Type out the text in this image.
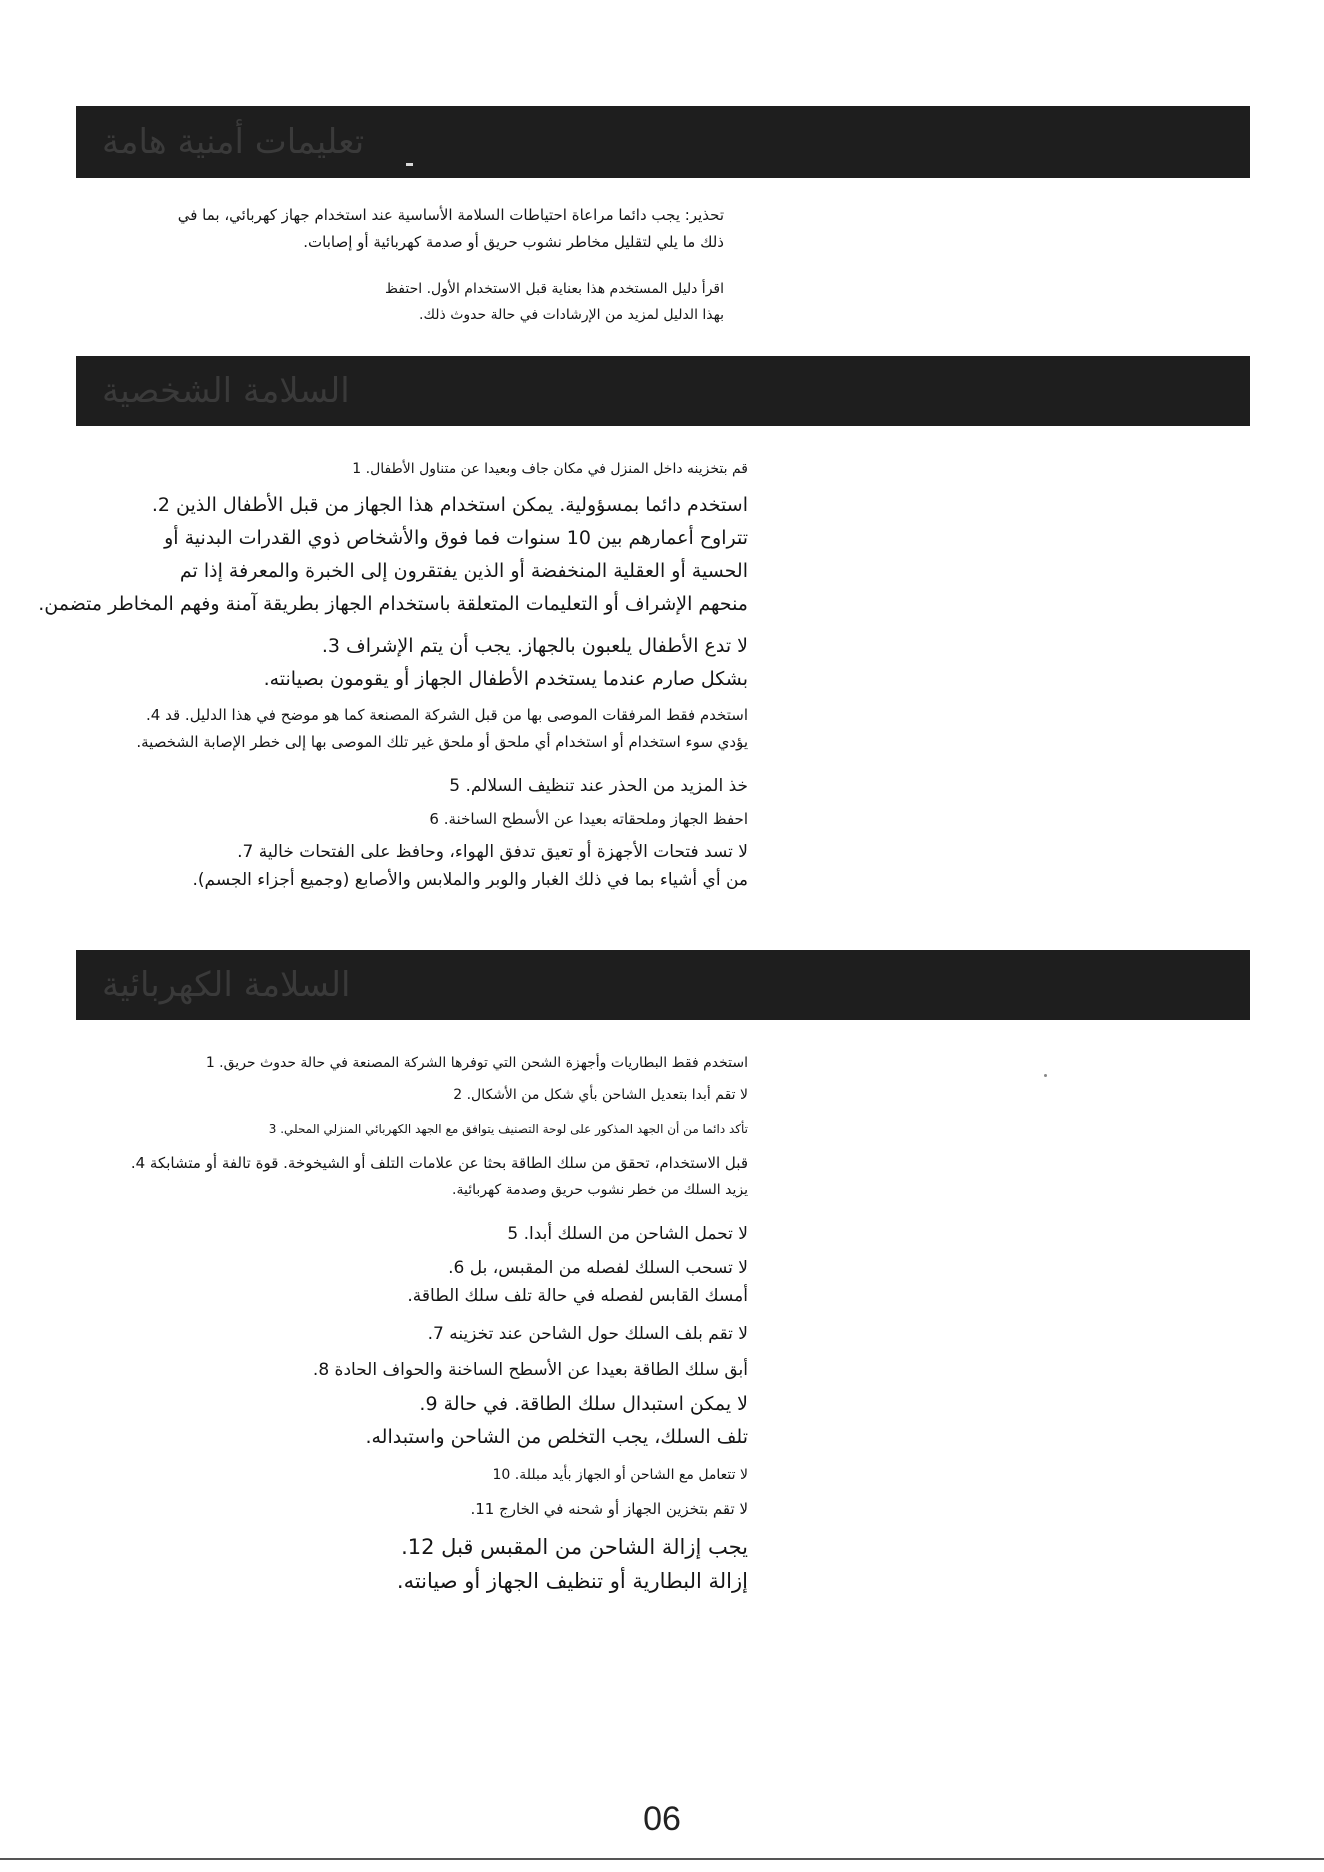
تعليمات أمنية هامة
تحذير: يجب دائما مراعاة احتياطات السلامة الأساسية عند استخدام جهاز كهربائي، بما في
ذلك ما يلي لتقليل مخاطر نشوب حريق أو صدمة كهربائية أو إصابات.
اقرأ دليل المستخدم هذا بعناية قبل الاستخدام الأول. احتفظ
بهذا الدليل لمزيد من الإرشادات في حالة حدوث ذلك.
السلامة الشخصية
قم بتخزينه داخل المنزل في مكان جاف وبعيدا عن متناول الأطفال. 1
استخدم دائما بمسؤولية. يمكن استخدام هذا الجهاز من قبل الأطفال الذين 2.
تتراوح أعمارهم بين 10 سنوات فما فوق والأشخاص ذوي القدرات البدنية أو
الحسية أو العقلية المنخفضة أو الذين يفتقرون إلى الخبرة والمعرفة إذا تم
منحهم الإشراف أو التعليمات المتعلقة باستخدام الجهاز بطريقة آمنة وفهم المخاطر متضمن.
لا تدع الأطفال يلعبون بالجهاز. يجب أن يتم الإشراف 3.
بشكل صارم عندما يستخدم الأطفال الجهاز أو يقومون بصيانته.
استخدم فقط المرفقات الموصى بها من قبل الشركة المصنعة كما هو موضح في هذا الدليل. قد 4.
يؤدي سوء استخدام أو استخدام أي ملحق أو ملحق غير تلك الموصى بها إلى خطر الإصابة الشخصية.
خذ المزيد من الحذر عند تنظيف السلالم. 5
احفظ الجهاز وملحقاته بعيدا عن الأسطح الساخنة. 6
لا تسد فتحات الأجهزة أو تعيق تدفق الهواء، وحافظ على الفتحات خالية 7.
من أي أشياء بما في ذلك الغبار والوبر والملابس والأصابع (وجميع أجزاء الجسم).
السلامة الكهربائية
استخدم فقط البطاريات وأجهزة الشحن التي توفرها الشركة المصنعة في حالة حدوث حريق. 1
لا تقم أبدا بتعديل الشاحن بأي شكل من الأشكال. 2
تأكد دائما من أن الجهد المذكور على لوحة التصنيف يتوافق مع الجهد الكهربائي المنزلي المحلي. 3
قبل الاستخدام، تحقق من سلك الطاقة بحثا عن علامات التلف أو الشيخوخة. قوة تالفة أو متشابكة 4.
يزيد السلك من خطر نشوب حريق وصدمة كهربائية.
لا تحمل الشاحن من السلك أبدا. 5
لا تسحب السلك لفصله من المقبس، بل 6.
أمسك القابس لفصله في حالة تلف سلك الطاقة.
لا تقم بلف السلك حول الشاحن عند تخزينه 7.
أبق سلك الطاقة بعيدا عن الأسطح الساخنة والحواف الحادة 8.
لا يمكن استبدال سلك الطاقة. في حالة 9.
تلف السلك، يجب التخلص من الشاحن واستبداله.
لا تتعامل مع الشاحن أو الجهاز بأيد مبللة. 10
لا تقم بتخزين الجهاز أو شحنه في الخارج 11.
يجب إزالة الشاحن من المقبس قبل 12.
إزالة البطارية أو تنظيف الجهاز أو صيانته.
06
